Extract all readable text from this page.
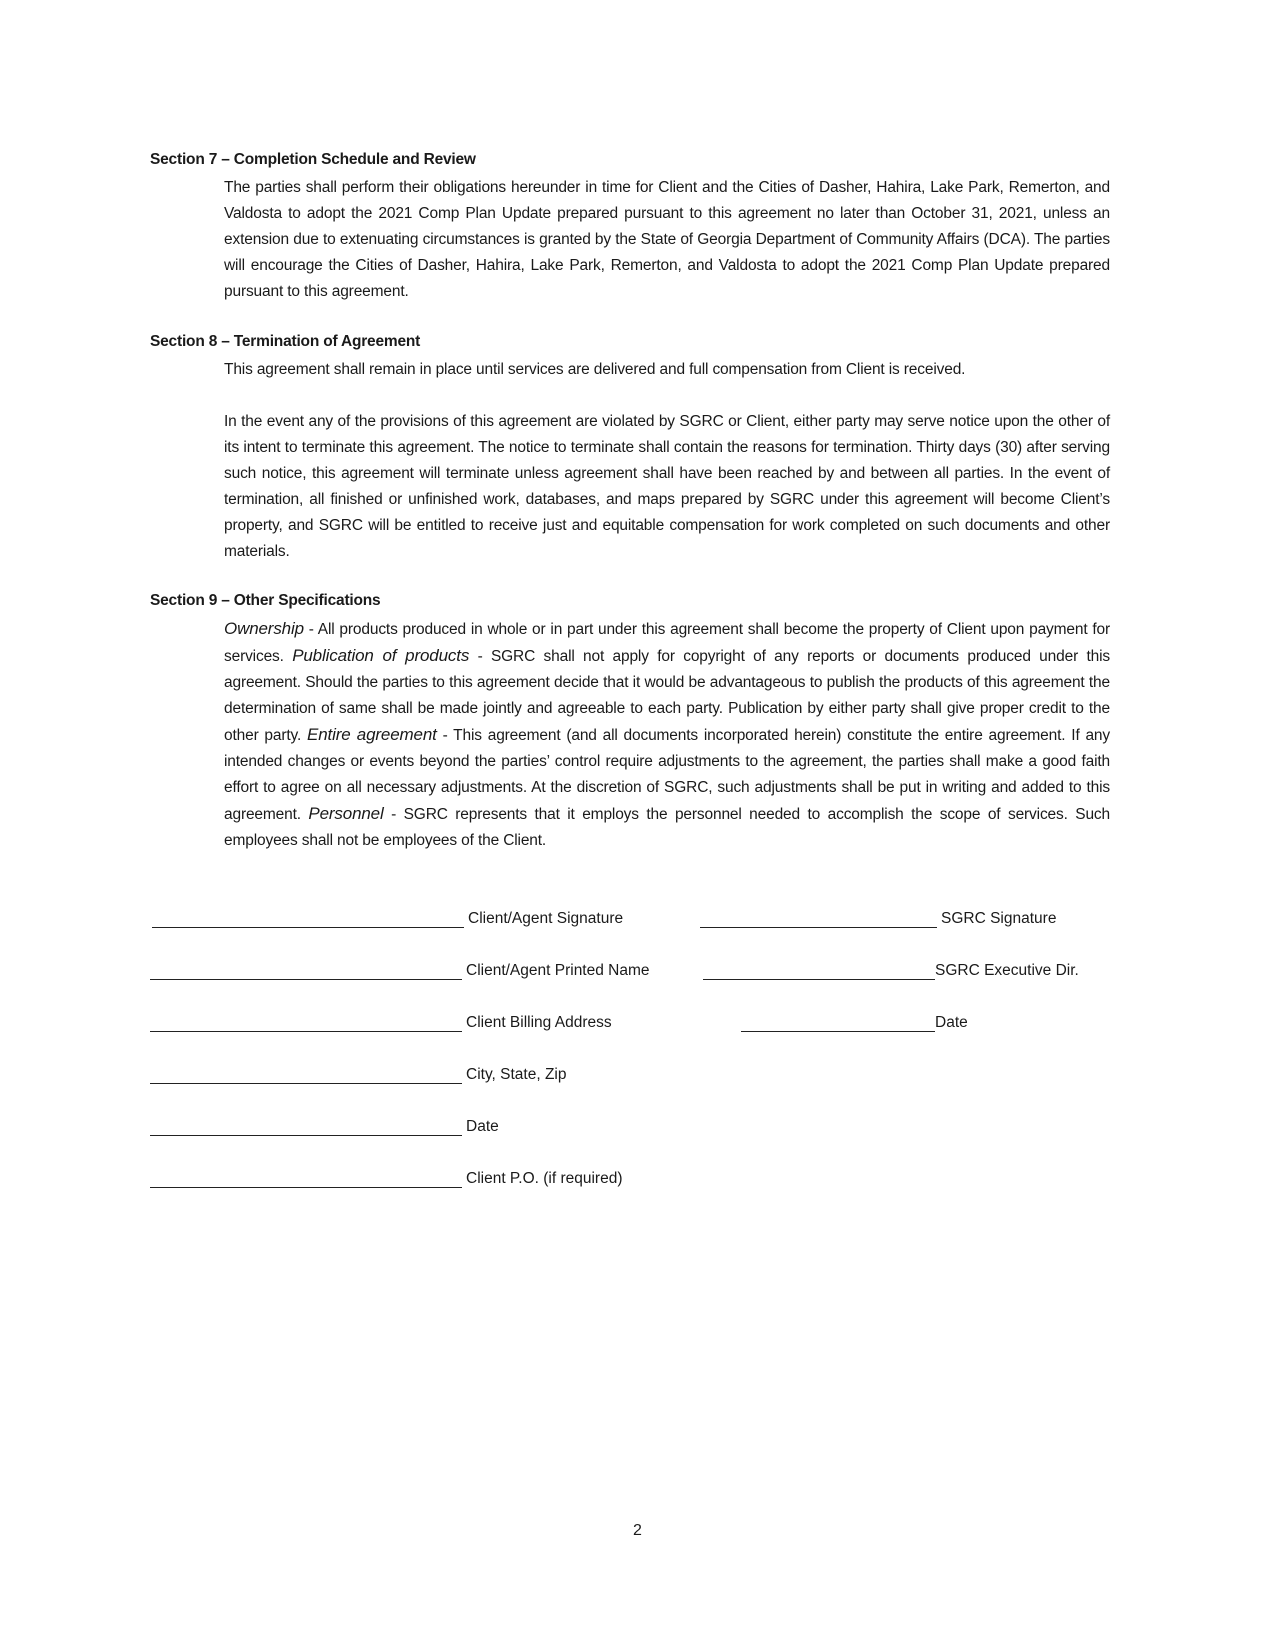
Section 7 – Completion Schedule and Review

The parties shall perform their obligations hereunder in time for Client and the Cities of Dasher, Hahira, Lake Park, Remerton, and Valdosta to adopt the 2021 Comp Plan Update prepared pursuant to this agreement no later than October 31, 2021, unless an extension due to extenuating circumstances is granted by the State of Georgia Department of Community Affairs (DCA). The parties will encourage the Cities of Dasher, Hahira, Lake Park, Remerton, and Valdosta to adopt the 2021 Comp Plan Update prepared pursuant to this agreement.

Section 8 – Termination of Agreement

This agreement shall remain in place until services are delivered and full compensation from Client is received.

In the event any of the provisions of this agreement are violated by SGRC or Client, either party may serve notice upon the other of its intent to terminate this agreement. The notice to terminate shall contain the reasons for termination. Thirty days (30) after serving such notice, this agreement will terminate unless agreement shall have been reached by and between all parties. In the event of termination, all finished or unfinished work, databases, and maps prepared by SGRC under this agreement will become Client’s property, and SGRC will be entitled to receive just and equitable compensation for work completed on such documents and other materials.

Section 9 – Other Specifications

Ownership - All products produced in whole or in part under this agreement shall become the property of Client upon payment for services. Publication of products - SGRC shall not apply for copyright of any reports or documents produced under this agreement. Should the parties to this agreement decide that it would be advantageous to publish the products of this agreement the determination of same shall be made jointly and agreeable to each party. Publication by either party shall give proper credit to the other party. Entire agreement - This agreement (and all documents incorporated herein) constitute the entire agreement. If any intended changes or events beyond the parties’ control require adjustments to the agreement, the parties shall make a good faith effort to agree on all necessary adjustments. At the discretion of SGRC, such adjustments shall be put in writing and added to this agreement. Personnel - SGRC represents that it employs the personnel needed to accomplish the scope of services. Such employees shall not be employees of the Client.

Client/Agent Signature
Client/Agent Printed Name
Client Billing Address
City, State, Zip
Date
Client P.O. (if required)
SGRC Signature
SGRC Executive Dir.
Date
2
